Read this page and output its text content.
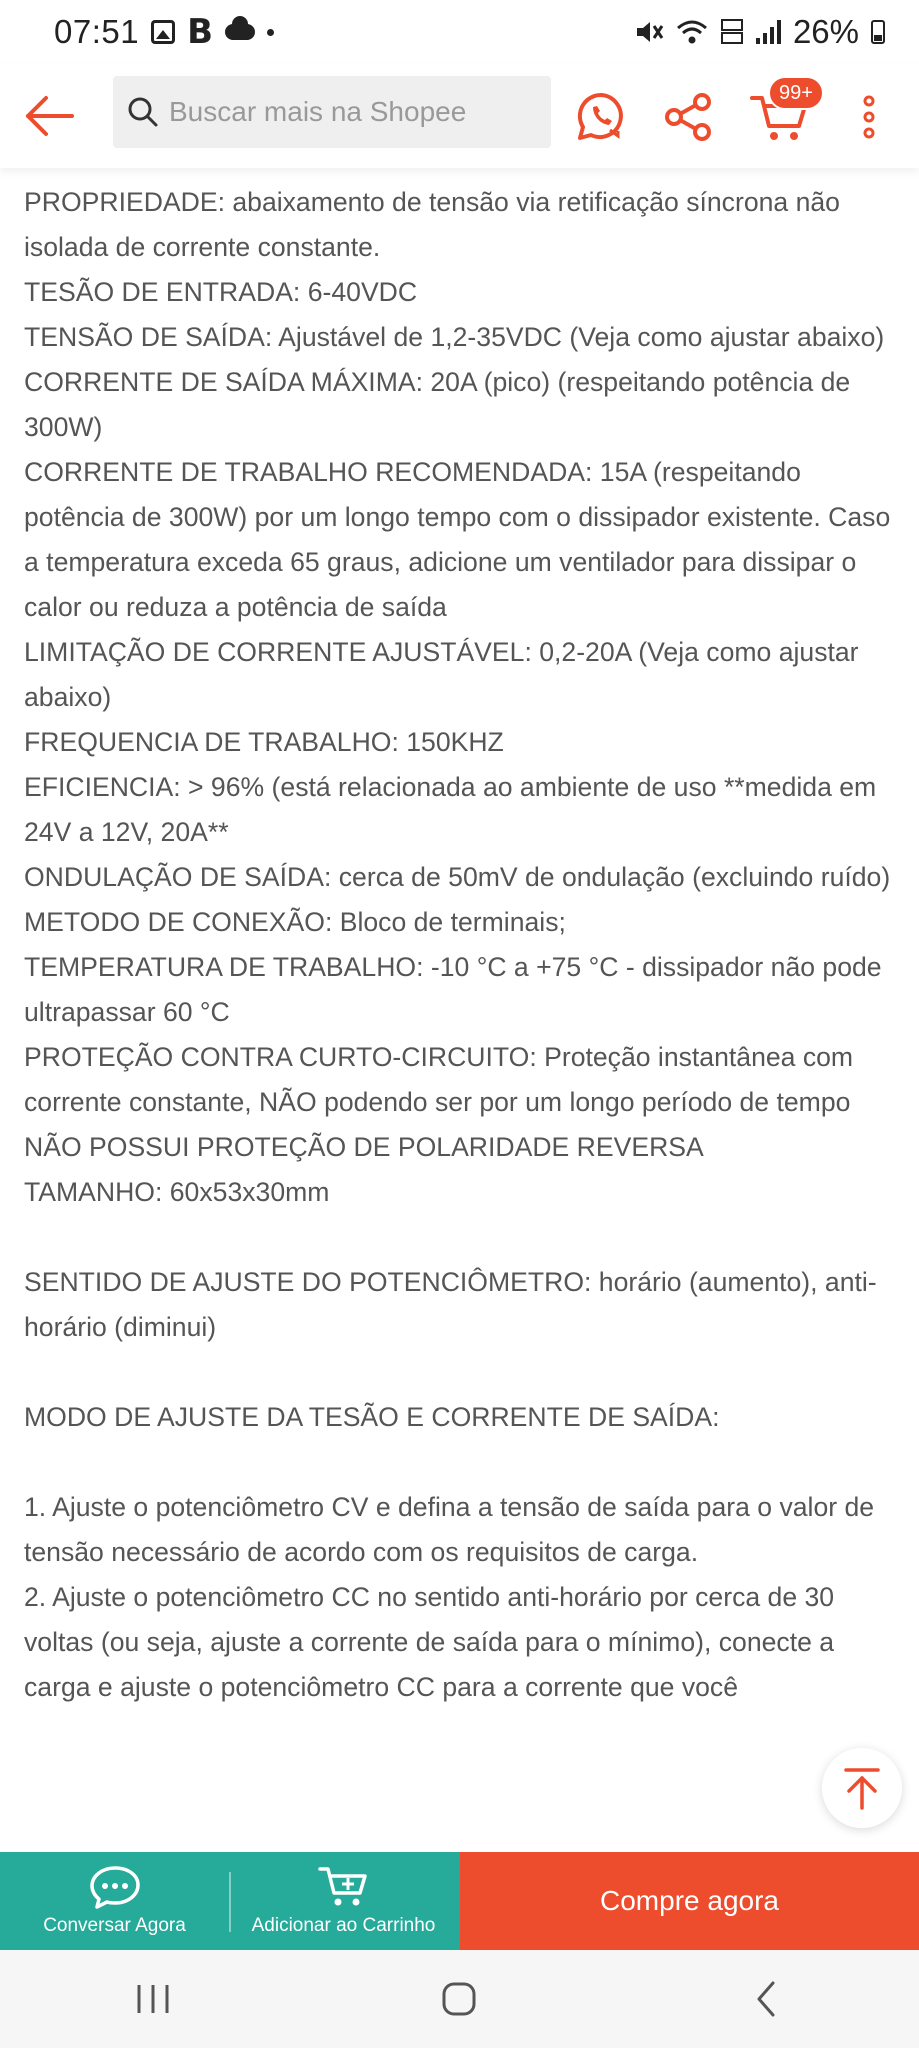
07:51 B	26%
Buscar mais na Shopee
99+

PROPRIEDADE: abaixamento de tensão via retificação síncrona não isolada de corrente constante.

TESÃO DE ENTRADA: 6-40VDC

TENSÃO DE SAÍDA: Ajustável de 1,2-35VDC (Veja como ajustar abaixo)

CORRENTE DE SAÍDA MÁXIMA: 20A (pico) (respeitando potência de 300W)

CORRENTE DE TRABALHO RECOMENDADA: 15A (respeitando potência de 300W) por um longo tempo com o dissipador existente. Caso a temperatura exceda 65 graus, adicione um ventilador para dissipar o calor ou reduza a potência de saída

LIMITAÇÃO DE CORRENTE AJUSTÁVEL: 0,2-20A (Veja como ajustar abaixo)

FREQUENCIA DE TRABALHO: 150KHZ

EFICIENCIA: > 96% (está relacionada ao ambiente de uso **medida em 24V a 12V, 20A**

ONDULAÇÃO DE SAÍDA: cerca de 50mV de ondulação (excluindo ruído)

METODO DE CONEXÃO: Bloco de terminais;

TEMPERATURA DE TRABALHO: -10 °C a +75 °C - dissipador não pode ultrapassar 60 °C

PROTEÇÃO CONTRA CURTO-CIRCUITO: Proteção instantânea com corrente constante, NÃO podendo ser por um longo período de tempo

NÃO POSSUI PROTEÇÃO DE POLARIDADE REVERSA

TAMANHO: 60x53x30mm

SENTIDO DE AJUSTE DO POTENCIÔMETRO: horário (aumento), anti-horário (diminui)

MODO DE AJUSTE DA TESÃO E CORRENTE DE SAÍDA:

1. Ajuste o potenciômetro CV e defina a tensão de saída para o valor de tensão necessário de acordo com os requisitos de carga.

2. Ajuste o potenciômetro CC no sentido anti-horário por cerca de 30 voltas (ou seja, ajuste a corrente de saída para o mínimo), conecte a carga e ajuste o potenciômetro CC para a corrente que você

Conversar Agora	Adicionar ao Carrinho
Compre agora
